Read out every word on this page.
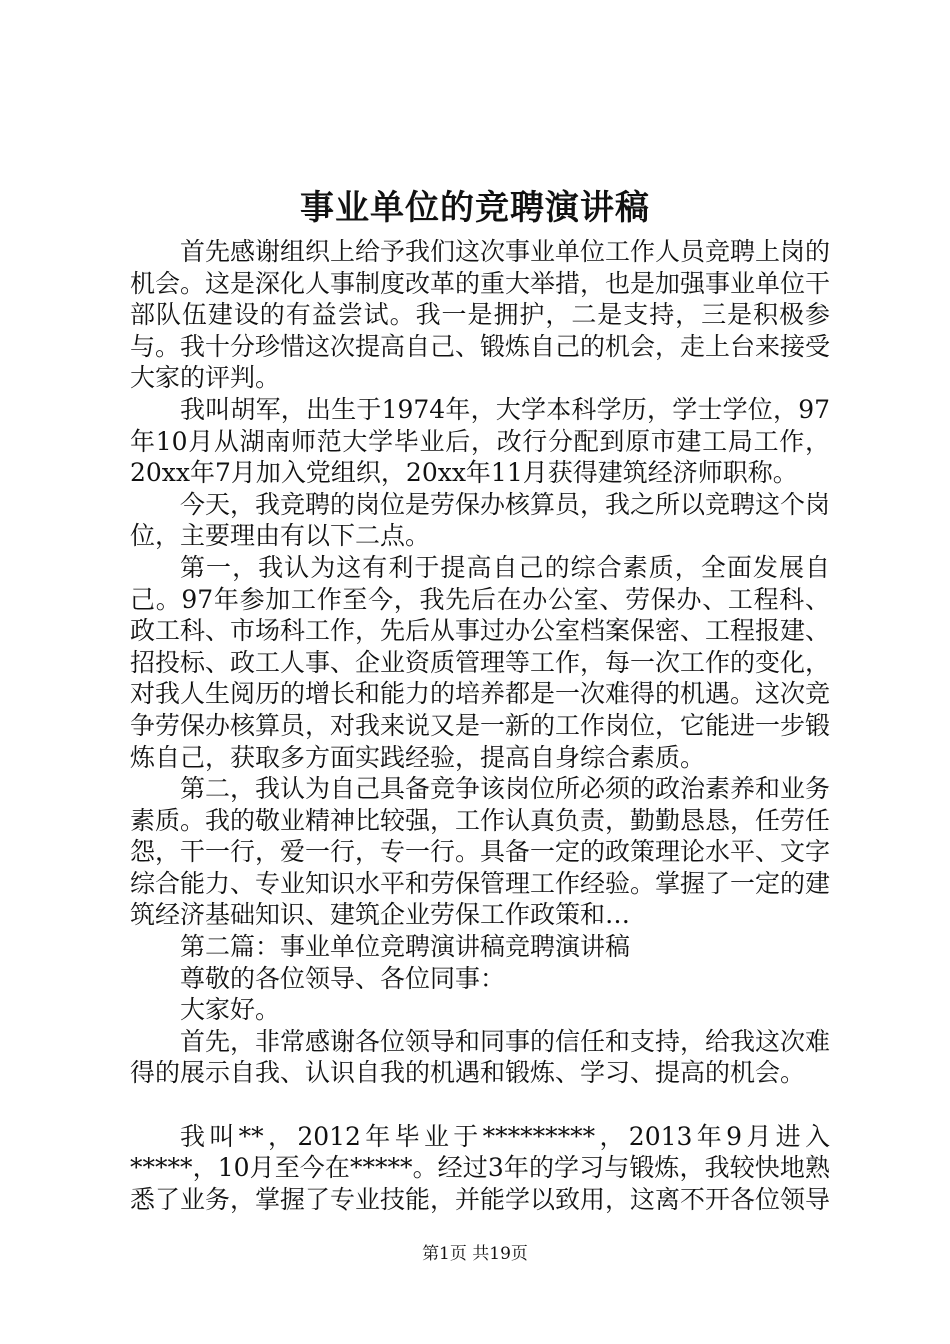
事业单位的竞聘演讲稿

首先感谢组织上给予我们这次事业单位工作人员竞聘上岗的机会。这是深化人事制度改革的重大举措，也是加强事业单位干部队伍建设的有益尝试。我一是拥护，二是支持，三是积极参与。我十分珍惜这次提高自己、锻炼自己的机会，走上台来接受大家的评判。

我叫胡军，出生于1974年，大学本科学历，学士学位，97年10月从湖南师范大学毕业后，改行分配到原市建工局工作，20xx年7月加入党组织，20xx年11月获得建筑经济师职称。

今天，我竞聘的岗位是劳保办核算员，我之所以竞聘这个岗位，主要理由有以下二点。

第一，我认为这有利于提高自己的综合素质，全面发展自己。97年参加工作至今，我先后在办公室、劳保办、工程科、政工科、市场科工作，先后从事过办公室档案保密、工程报建、招投标、政工人事、企业资质管理等工作，每一次工作的变化，对我人生阅历的增长和能力的培养都是一次难得的机遇。这次竞争劳保办核算员，对我来说又是一新的工作岗位，它能进一步锻炼自己，获取多方面实践经验，提高自身综合素质。

第二，我认为自己具备竞争该岗位所必须的政治素养和业务素质。我的敬业精神比较强，工作认真负责，勤勤恳恳，任劳任怨，干一行，爱一行，专一行。具备一定的政策理论水平、文字综合能力、专业知识水平和劳保管理工作经验。掌握了一定的建筑经济基础知识、建筑企业劳保工作政策和…

第二篇：事业单位竞聘演讲稿竞聘演讲稿

尊敬的各位领导、各位同事：

大家好。

首先，非常感谢各位领导和同事的信任和支持，给我这次难得的展示自我、认识自我的机遇和锻炼、学习、提高的机会。

我叫**，2012年毕业于*********，2013年9月进入*****，10月至今在*****。经过3年的学习与锻炼，我较快地熟悉了业务，掌握了专业技能，并能学以致用，这离不开各位领导

第1页 共19页
